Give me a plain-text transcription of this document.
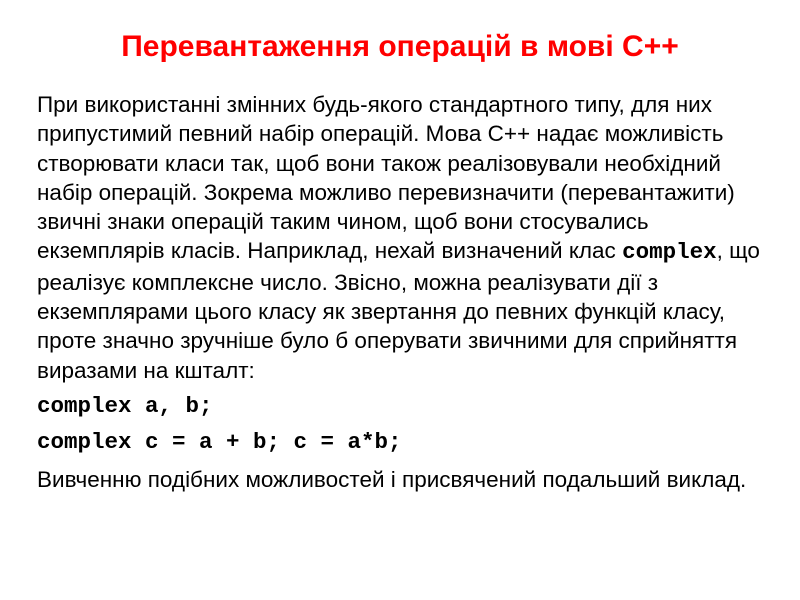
Перевантаження операцій в мові C++

При використанні змінних будь-якого стандартного типу, для них припустимий певний набір операцій. Мова C++ надає можливість створювати класи так, щоб вони також реалізовували необхідний набір операцій. Зокрема можливо перевизначити (перевантажити) звичні знаки операцій таким чином, щоб вони стосувались екземплярів класів. Наприклад, нехай визначений клас complex, що реалізує комплексне число. Звісно, можна реалізувати дії з екземплярами цього класу як звертання до певних функцій класу, проте значно зручніше було б оперувати звичними для сприйняття виразами на кшталт:

complex a, b;

complex c = a + b; c = a*b;

Вивченню подібних можливостей і присвячений подальший виклад.
